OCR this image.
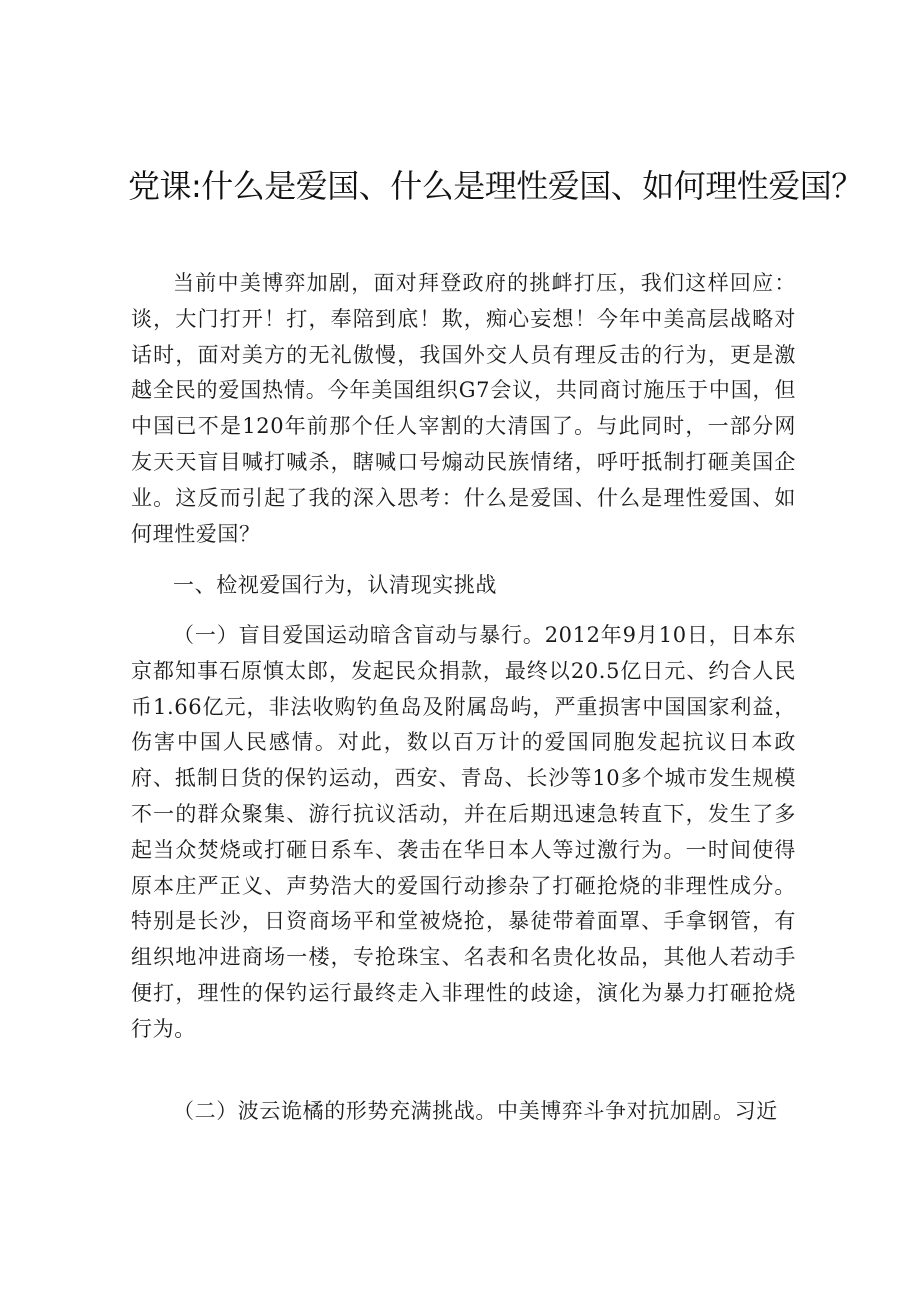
党课:什么是爱国、什么是理性爱国、如何理性爱国？

当前中美博弈加剧，面对拜登政府的挑衅打压，我们这样回应：谈，大门打开！打，奉陪到底！欺，痴心妄想！今年中美高层战略对话时，面对美方的无礼傲慢，我国外交人员有理反击的行为，更是激越全民的爱国热情。今年美国组织G7会议，共同商讨施压于中国，但中国已不是120年前那个任人宰割的大清国了。与此同时，一部分网友天天盲目喊打喊杀，瞎喊口号煽动民族情绪，呼吁抵制打砸美国企业。这反而引起了我的深入思考：什么是爱国、什么是理性爱国、如何理性爱国？

一、检视爱国行为，认清现实挑战

（一）盲目爱国运动暗含盲动与暴行。2012年9月10日，日本东京都知事石原慎太郎，发起民众捐款，最终以20.5亿日元、约合人民币1.66亿元，非法收购钓鱼岛及附属岛屿，严重损害中国国家利益，伤害中国人民感情。对此，数以百万计的爱国同胞发起抗议日本政府、抵制日货的保钓运动，西安、青岛、长沙等10多个城市发生规模不一的群众聚集、游行抗议活动，并在后期迅速急转直下，发生了多起当众焚烧或打砸日系车、袭击在华日本人等过激行为。一时间使得原本庄严正义、声势浩大的爱国行动掺杂了打砸抢烧的非理性成分。特别是长沙，日资商场平和堂被烧抢，暴徒带着面罩、手拿钢管，有组织地冲进商场一楼，专抢珠宝、名表和名贵化妆品，其他人若动手便打，理性的保钓运行最终走入非理性的歧途，演化为暴力打砸抢烧行为。

（二）波云诡橘的形势充满挑战。中美博弈斗争对抗加剧。习近
